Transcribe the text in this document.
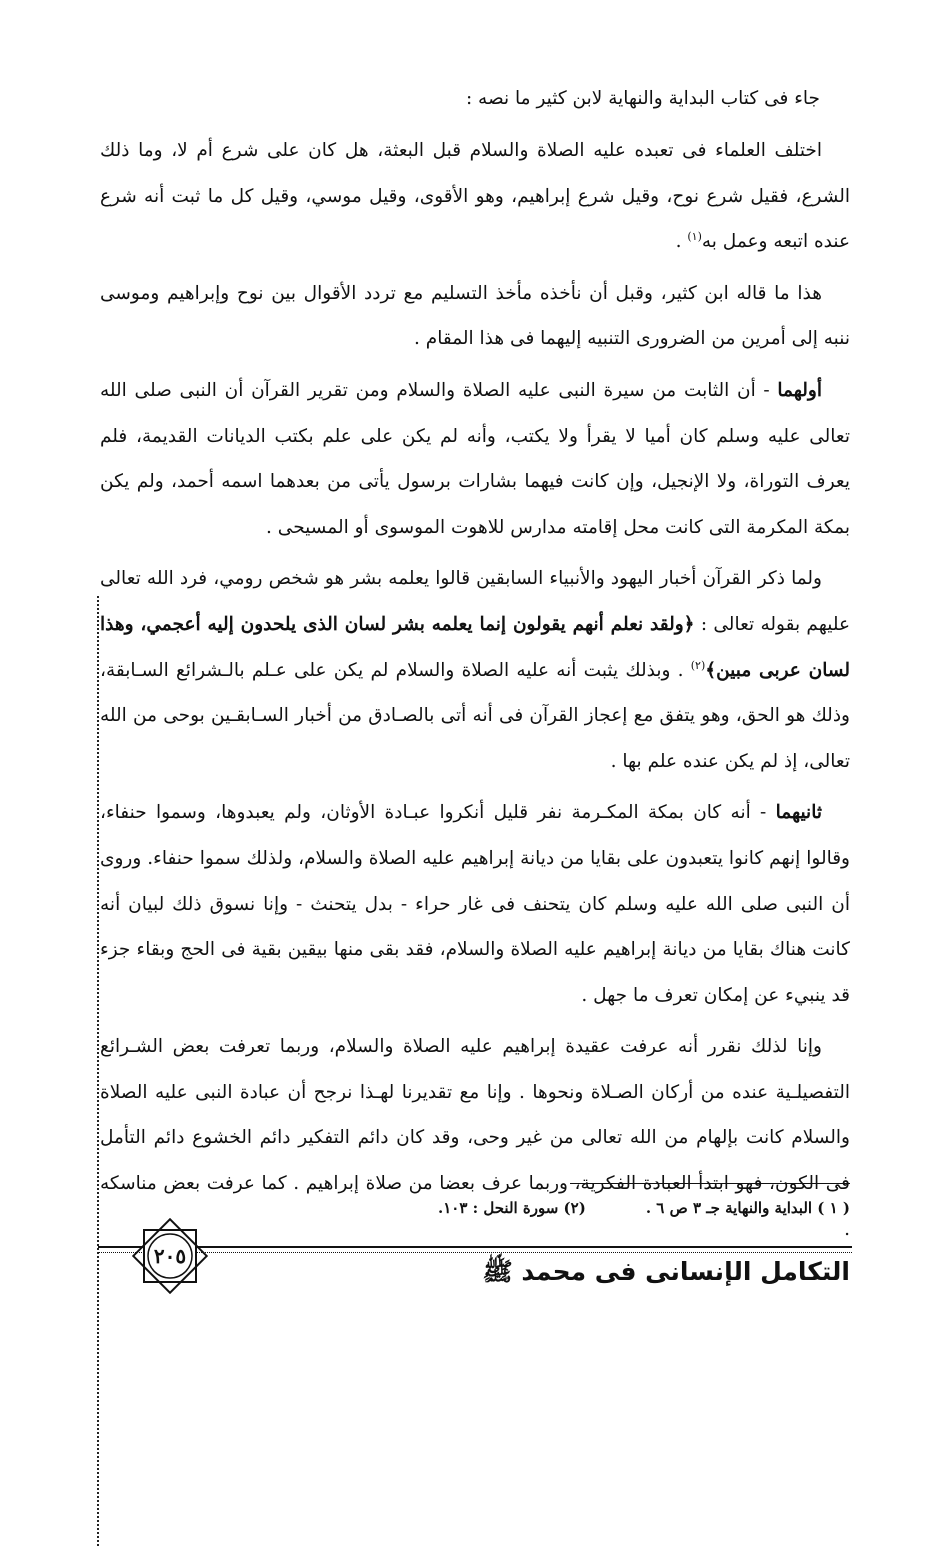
جاء فى كتاب البداية والنهاية لابن كثير ما نصه :

اختلف العلماء فى تعبده عليه الصلاة والسلام قبل البعثة، هل كان على شرع أم لا، وما ذلك الشرع، فقيل شرع نوح، وقيل شرع إبراهيم، وهو الأقوى، وقيل موسي، وقيل كل ما ثبت أنه شرع عنده اتبعه وعمل به$^{(١)}$ .

هذا ما قاله ابن كثير، وقبل أن نأخذه مأخذ التسليم مع تردد الأقوال بين نوح وإبراهيم وموسى ننبه إلى أمرين من الضرورى التنبيه إليهما فى هذا المقام .

أولهما - أن الثابت من سيرة النبى عليه الصلاة والسلام ومن تقرير القرآن أن النبى صلى الله تعالى عليه وسلم كان أميا لا يقرأ ولا يكتب، وأنه لم يكن على علم بكتب الديانات القديمة، فلم يعرف التوراة، ولا الإنجيل، وإن كانت فيهما بشارات برسول يأتى من بعدهما اسمه أحمد، ولم يكن بمكة المكرمة التى كانت محل إقامته مدارس للاهوت الموسوى أو المسيحى .

ولما ذكر القرآن أخبار اليهود والأنبياء السابقين قالوا يعلمه بشر هو شخص رومي، فرد الله تعالى عليهم بقوله تعالى : ﴿ولقد نعلم أنهم يقولون إنما يعلمه بشر لسان الذى يلحدون إليه أعجمي، وهذا لسان عربى مبين﴾$^{(٢)}$ . وبذلك يثبت أنه عليه الصلاة والسلام لم يكن على عـلم بالـشرائع السـابقة، وذلك هو الحق، وهو يتفق مع إعجاز القرآن فى أنه أتى بالصـادق من أخبار السـابقـين بوحى من الله تعالى، إذ لم يكن عنده علم بها .

ثانيهما - أنه كان بمكة المكـرمة نفر قليل أنكروا عبـادة الأوثان، ولم يعبدوها، وسموا حنفاء، وقالوا إنهم كانوا يتعبدون على بقايا من ديانة إبراهيم عليه الصلاة والسلام، ولذلك سموا حنفاء. وروى أن النبى صلى الله عليه وسلم كان يتحنف فى غار حراء - بدل يتحنث - وإنا نسوق ذلك لبيان أنه كانت هناك بقايا من ديانة إبراهيم عليه الصلاة والسلام، فقد بقى منها بيقين بقية فى الحج وبقاء جزء قد ينبيء عن إمكان تعرف ما جهل .

وإنا لذلك نقرر أنه عرفت عقيدة إبراهيم عليه الصلاة والسلام، وربما تعرفت بعض الشـرائع التفصيلـية عنده من أركان الصـلاة ونحوها . وإنا مع تقديرنا لهـذا نرجح أن عبادة النبى عليه الصلاة والسلام كانت بإلهام من الله تعالى من غير وحى، وقد كان دائم التفكير دائم الخشوع دائم التأمل فى الكون، فهو ابتدأ العبادة الفكرية، وربما عرف بعضا من صلاة إبراهيم . كما عرفت بعض مناسكه .

( ١ ) البداية والنهاية جـ ٣ ص ٦ .
(٢) سورة النحل : ١٠٣.
التكامل الإنسانى فى محمد ﷺ
٢٠٥
